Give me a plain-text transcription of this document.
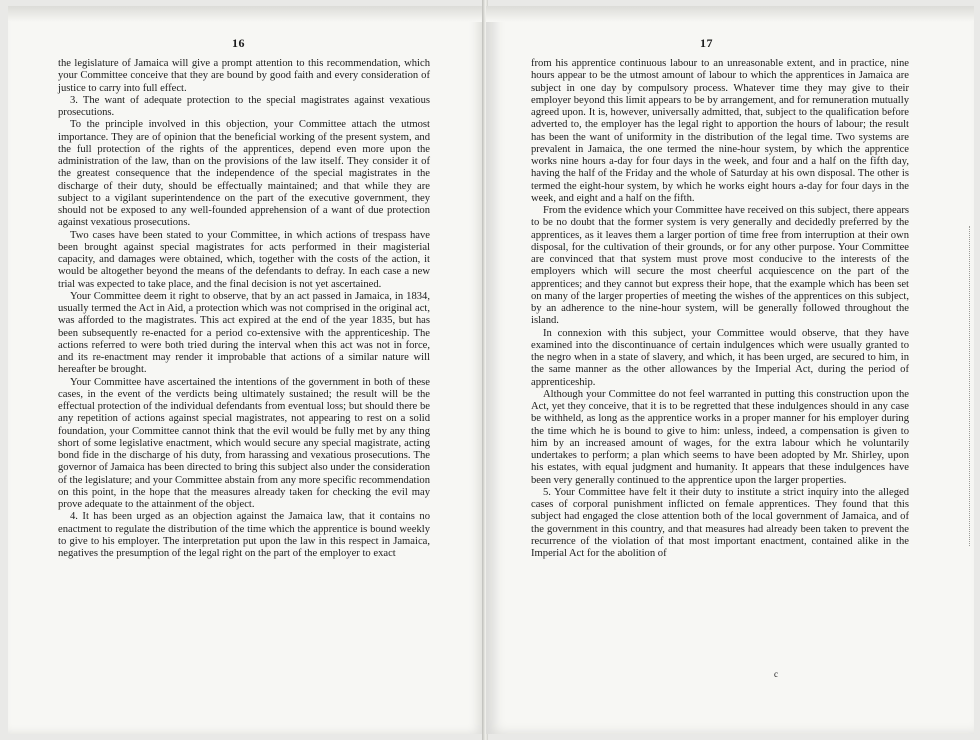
16

the legislature of Jamaica will give a prompt attention to this recommendation, which your Committee conceive that they are bound by good faith and every consideration of justice to carry into full effect.

3. The want of adequate protection to the special magistrates against vexatious prosecutions.

To the principle involved in this objection, your Committee attach the utmost importance. They are of opinion that the beneficial working of the present system, and the full protection of the rights of the apprentices, depend even more upon the administration of the law, than on the provisions of the law itself. They consider it of the greatest consequence that the independence of the special magistrates in the discharge of their duty, should be effectually maintained; and that while they are subject to a vigilant superintendence on the part of the executive government, they should not be exposed to any well-founded apprehension of a want of due protection against vexatious prosecutions.

Two cases have been stated to your Committee, in which actions of trespass have been brought against special magistrates for acts performed in their magisterial capacity, and damages were obtained, which, together with the costs of the action, it would be altogether beyond the means of the defendants to defray. In each case a new trial was expected to take place, and the final decision is not yet ascertained.

Your Committee deem it right to observe, that by an act passed in Jamaica, in 1834, usually termed the Act in Aid, a protection which was not comprised in the original act, was afforded to the magistrates. This act expired at the end of the year 1835, but has been subsequently re-enacted for a period co-extensive with the apprenticeship. The actions referred to were both tried during the interval when this act was not in force, and its re-enactment may render it improbable that actions of a similar nature will hereafter be brought.

Your Committee have ascertained the intentions of the government in both of these cases, in the event of the verdicts being ultimately sustained; the result will be the effectual protection of the individual defendants from eventual loss; but should there be any repetition of actions against special magistrates, not appearing to rest on a solid foundation, your Committee cannot think that the evil would be fully met by any thing short of some legislative enactment, which would secure any special magistrate, acting bond fide in the discharge of his duty, from harassing and vexatious prosecutions. The governor of Jamaica has been directed to bring this subject also under the consideration of the legislature; and your Committee abstain from any more specific recommendation on this point, in the hope that the measures already taken for checking the evil may prove adequate to the attainment of the object.

4. It has been urged as an objection against the Jamaica law, that it contains no enactment to regulate the distribution of the time which the apprentice is bound weekly to give to his employer. The interpretation put upon the law in this respect in Jamaica, negatives the presumption of the legal right on the part of the employer to exact

17

from his apprentice continuous labour to an unreasonable extent, and in practice, nine hours appear to be the utmost amount of labour to which the apprentices in Jamaica are subject in one day by compulsory process. Whatever time they may give to their employer beyond this limit appears to be by arrangement, and for remuneration mutually agreed upon. It is, however, universally admitted, that, subject to the qualification before adverted to, the employer has the legal right to apportion the hours of labour; the result has been the want of uniformity in the distribution of the legal time. Two systems are prevalent in Jamaica, the one termed the nine-hour system, by which the apprentice works nine hours a-day for four days in the week, and four and a half on the fifth day, having the half of the Friday and the whole of Saturday at his own disposal. The other is termed the eight-hour system, by which he works eight hours a-day for four days in the week, and eight and a half on the fifth.

From the evidence which your Committee have received on this subject, there appears to be no doubt that the former system is very generally and decidedly preferred by the apprentices, as it leaves them a larger portion of time free from interruption at their own disposal, for the cultivation of their grounds, or for any other purpose. Your Committee are convinced that that system must prove most conducive to the interests of the employers which will secure the most cheerful acquiescence on the part of the apprentices; and they cannot but express their hope, that the example which has been set on many of the larger properties of meeting the wishes of the apprentices on this subject, by an adherence to the nine-hour system, will be generally followed throughout the island.

In connexion with this subject, your Committee would observe, that they have examined into the discontinuance of certain indulgences which were usually granted to the negro when in a state of slavery, and which, it has been urged, are secured to him, in the same manner as the other allowances by the Imperial Act, during the period of apprenticeship.

Although your Committee do not feel warranted in putting this construction upon the Act, yet they conceive, that it is to be regretted that these indulgences should in any case be withheld, as long as the apprentice works in a proper manner for his employer during the time which he is bound to give to him: unless, indeed, a compensation is given to him by an increased amount of wages, for the extra labour which he voluntarily undertakes to perform; a plan which seems to have been adopted by Mr. Shirley, upon his estates, with equal judgment and humanity. It appears that these indulgences have been very generally continued to the apprentice upon the larger properties.

5. Your Committee have felt it their duty to institute a strict inquiry into the alleged cases of corporal punishment inflicted on female apprentices. They found that this subject had engaged the close attention both of the local government of Jamaica, and of the government in this country, and that measures had already been taken to prevent the recurrence of the violation of that most important enactment, contained alike in the Imperial Act for the abolition of

c
